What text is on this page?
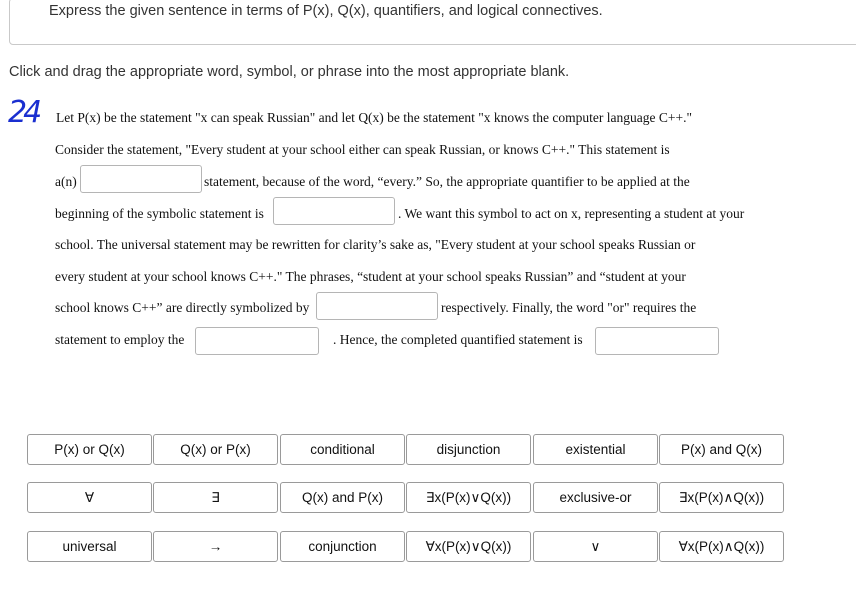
Express the given sentence in terms of P(x), Q(x), quantifiers, and logical connectives.
Click and drag the appropriate word, symbol, or phrase into the most appropriate blank.
24 Let P(x) be the statement "x can speak Russian" and let Q(x) be the statement "x knows the computer language C++."
Consider the statement, "Every student at your school either can speak Russian, or knows C++." This statement is
a(n)	statement, because of the word, “every.” So, the appropriate quantifier to be applied at the
beginning of the symbolic statement is	. We want this symbol to act on x, representing a student at your
school. The universal statement may be rewritten for clarity’s sake as, "Every student at your school speaks Russian or
every student at your school knows C++." The phrases, “student at your school speaks Russian” and “student at your
school knows C++” are directly symbolized by	respectively. Finally, the word "or" requires the
statement to employ the	. Hence, the completed quantified statement is
P(x) or Q(x)	Q(x) or P(x)	conditional	disjunction	existential	P(x) and Q(x)
∀	∃	Q(x) and P(x)	∃x(P(x)∨Q(x))	exclusive-or	∃x(P(x)∧Q(x))
universal	→	conjunction	∀x(P(x)∨Q(x))	∨	∀x(P(x)∧Q(x))
